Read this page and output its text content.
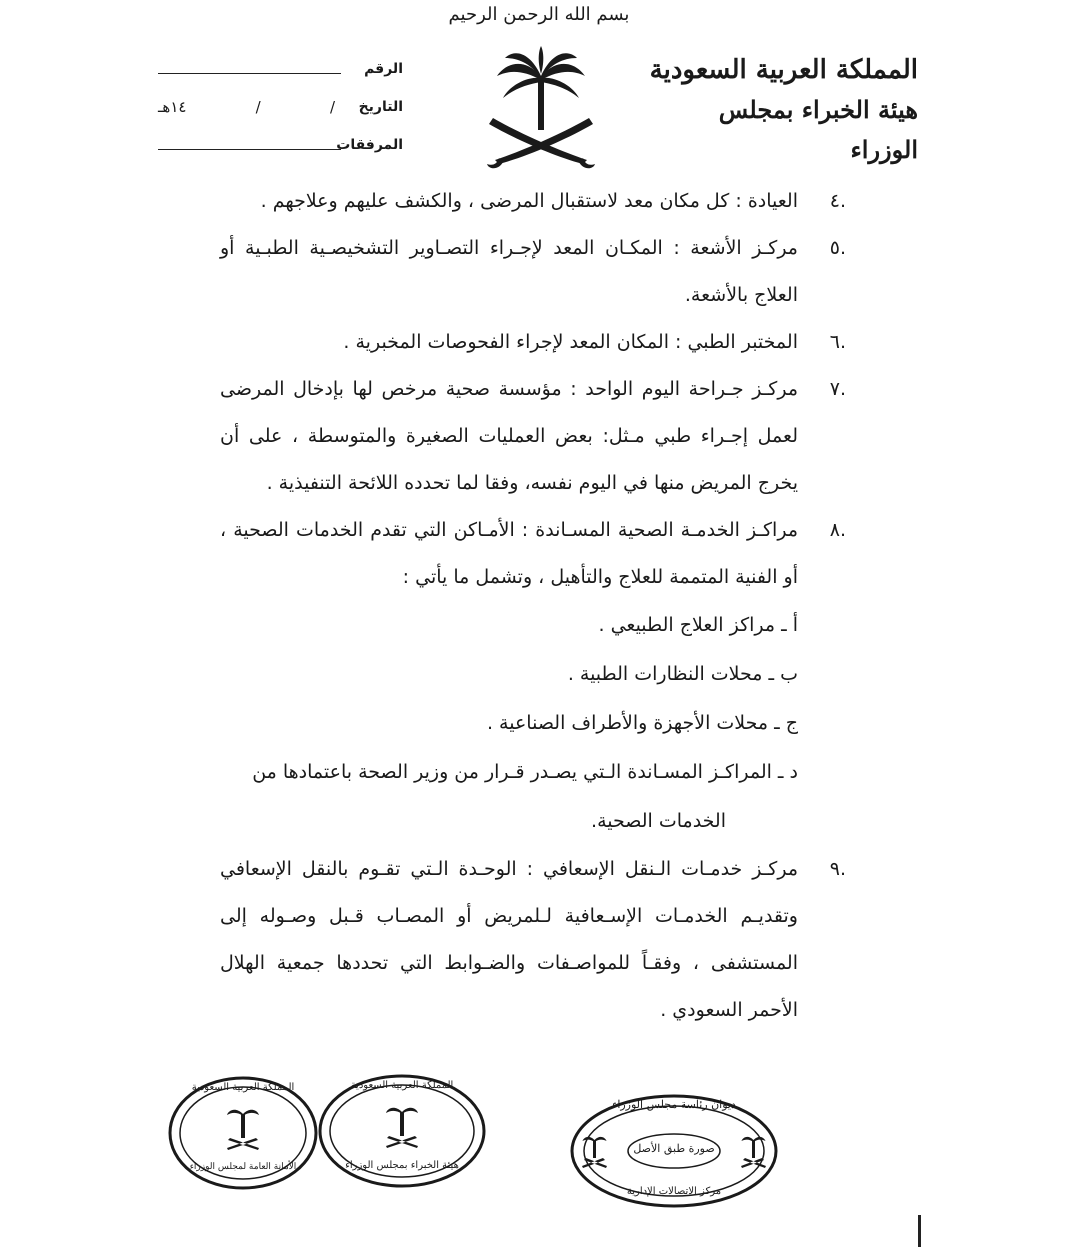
بسم الله الرحمن الرحيم
المملكة العربية السعودية
هيئة الخبراء بمجلس الوزراء
الرقم
التاريخ
/
/
١٤هـ
المرفقات
.٤
العيادة : كل مكان معد لاستقبال المرضى ، والكشف عليهم وعلاجهم .
.٥
مركـز الأشعة : المكـان المعد لإجـراء التصـاوير التشخيصـية الطبـية أو العلاج بالأشعة.
.٦
المختبر الطبي : المكان المعد لإجراء الفحوصات المخبرية .
.٧
مركـز جـراحة اليوم الواحد : مؤسسة صحية مرخص لها بإدخال المرضى لعمل إجـراء طبي مـثل: بعض العمليات الصغيرة والمتوسطة ، على أن يخرج المريض منها في اليوم نفسه، وفقا لما تحدده اللائحة التنفيذية .
.٨
مراكـز الخدمـة الصحية المسـاندة : الأمـاكن التي تقدم الخدمات الصحية ، أو الفنية المتممة للعلاج والتأهيل ، وتشمل ما يأتي :
أ ـ مراكز العلاج الطبيعي .
ب ـ محلات النظارات الطبية .
ج ـ محلات الأجهزة والأطراف الصناعية .
د ـ المراكـز المسـاندة الـتي يصـدر قـرار من وزير الصحة باعتمادها من
الخدمات الصحية.
.٩
مركـز خدمـات الـنقل الإسعافي : الوحـدة الـتي تقـوم بالنقل الإسعافي وتقديـم الخدمـات الإسـعافية لـلمريض أو المصـاب قـبل وصـوله إلى المستشفى ، وفقـاً للمواصـفات والضـوابط التي تحددها جمعية الهلال الأحمر السعودي .
ديوان رئاسة مجلس الوزراء
صورة طبق الأصل
مركز الاتصالات الإدارية
المملكة العربية السعودية
هيئة الخبراء بمجلس الوزراء
المملكة العربية السعودية
الأمانة العامة لمجلس الوزراء
